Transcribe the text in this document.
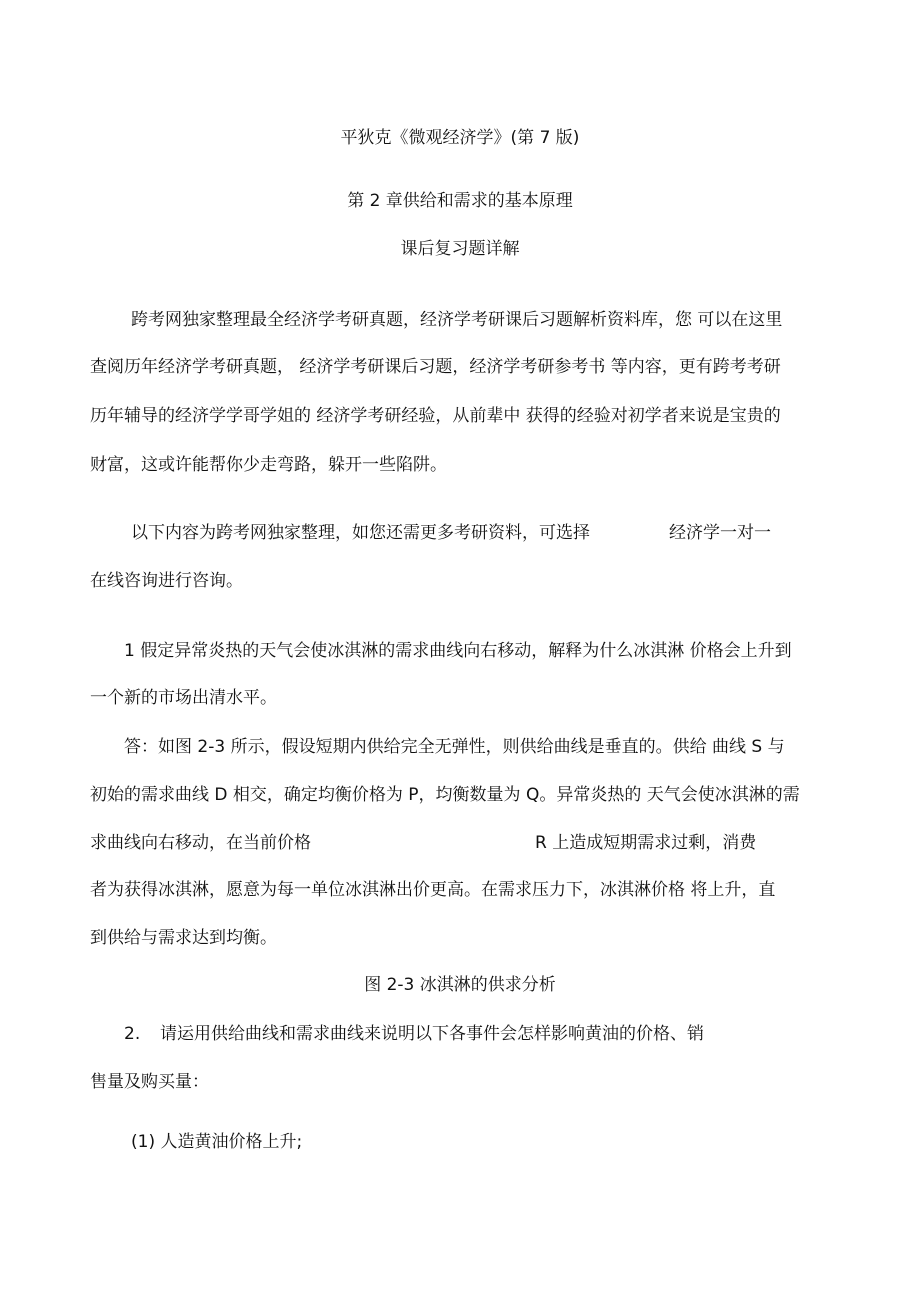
平狄克《微观经济学》(第 7 版)
第 2 章供给和需求的基本原理
课后复习题详解
跨考网独家整理最全经济学考研真题，经济学考研课后习题解析资料库，您 可以在这里
查阅历年经济学考研真题， 经济学考研课后习题，经济学考研参考书 等内容，更有跨考考研
历年辅导的经济学学哥学姐的 经济学考研经验，从前辈中 获得的经验对初学者来说是宝贵的
财富，这或许能帮你少走弯路，躲开一些陷阱。
以下内容为跨考网独家整理，如您还需更多考研资料，可选择	经济学一对一
在线咨询进行咨询。
1 假定异常炎热的天气会使冰淇淋的需求曲线向右移动，解释为什么冰淇淋 价格会上升到
一个新的市场出清水平。
答：如图 2-3 所示，假设短期内供给完全无弹性，则供给曲线是垂直的。供给 曲线 S 与
初始的需求曲线 D 相交，确定均衡价格为 P，均衡数量为 Q。异常炎热的 天气会使冰淇淋的需
求曲线向右移动，在当前价格	R 上造成短期需求过剩，消费
者为获得冰淇淋，愿意为每一单位冰淇淋出价更高。在需求压力下，冰淇淋价格 将上升，直
到供给与需求达到均衡。
图 2-3 冰淇淋的供求分析
2. 请运用供给曲线和需求曲线来说明以下各事件会怎样影响黄油的价格、销
售量及购买量：
(1) 人造黄油价格上升;
